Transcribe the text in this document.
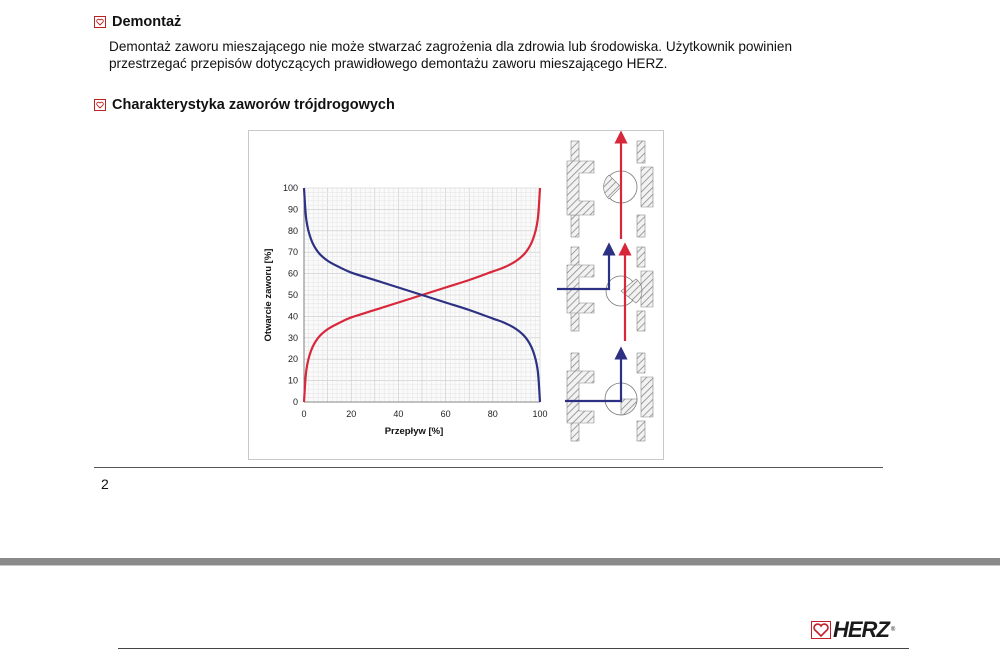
Demontaż
Demontaż zaworu mieszającego nie może stwarzać zagrożenia dla zdrowia lub środowiska. Użytkownik powinien
przestrzegać przepisów dotyczących prawidłowego demontażu zaworu mieszającego HERZ.
Charakterystyka zaworów trójdrogowych
0	20	40	60	80	100
0
10
20
30
40
50
60
70
80
90
100
Przepływ [%]
Otwarcie zaworu [%]
2
HERZ ®
